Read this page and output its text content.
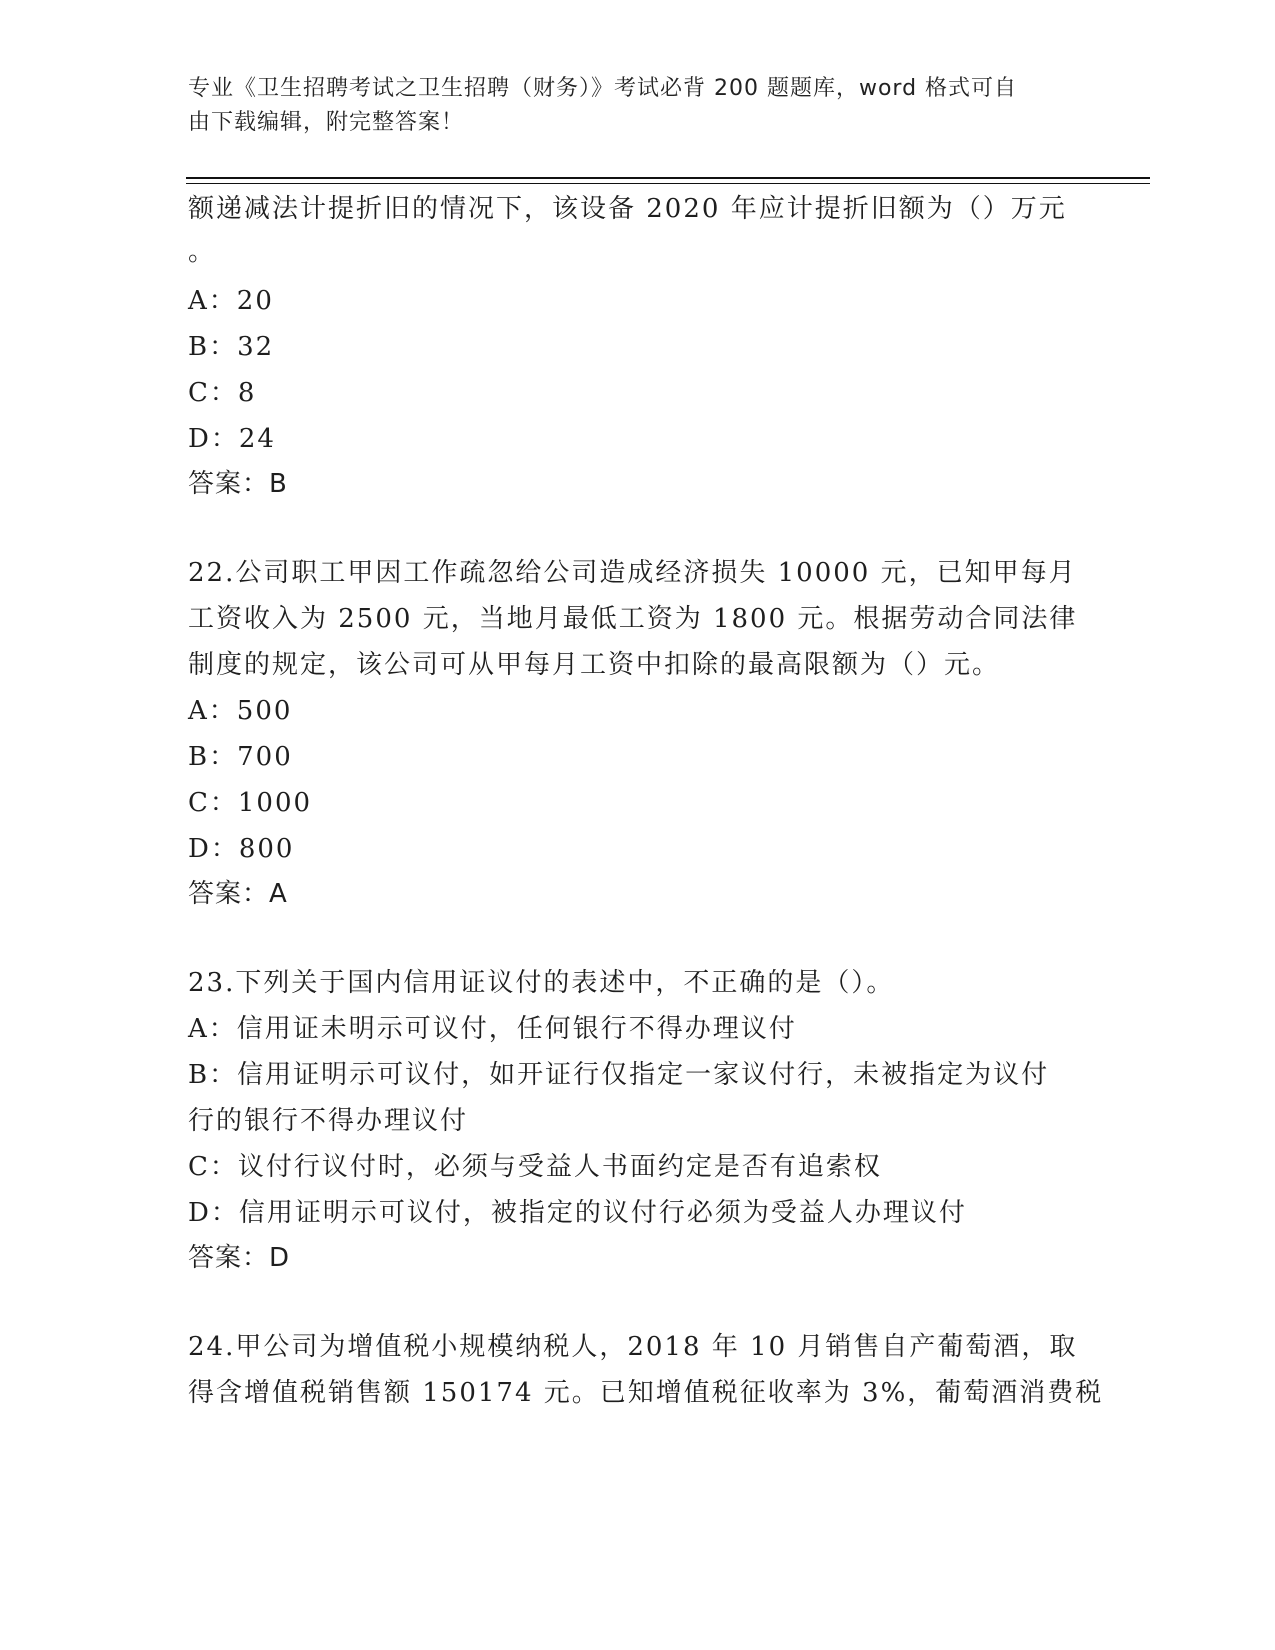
专业《卫生招聘考试之卫生招聘（财务）》考试必背 200 题题库，word 格式可自
由下载编辑，附完整答案！
额递减法计提折旧的情况下，该设备 2020 年应计提折旧额为（）万元
。
A：20
B：32
C：8
D：24
答案：B
22.公司职工甲因工作疏忽给公司造成经济损失 10000 元，已知甲每月
工资收入为 2500 元，当地月最低工资为 1800 元。根据劳动合同法律
制度的规定，该公司可从甲每月工资中扣除的最高限额为（）元。
A：500
B：700
C：1000
D：800
答案：A
23.下列关于国内信用证议付的表述中，不正确的是（）。
A：信用证未明示可议付，任何银行不得办理议付
B：信用证明示可议付，如开证行仅指定一家议付行，未被指定为议付
行的银行不得办理议付
C：议付行议付时，必须与受益人书面约定是否有追索权
D：信用证明示可议付，被指定的议付行必须为受益人办理议付
答案：D
24.甲公司为增值税小规模纳税人，2018 年 10 月销售自产葡萄酒，取
得含增值税销售额 150174 元。已知增值税征收率为 3%，葡萄酒消费税
